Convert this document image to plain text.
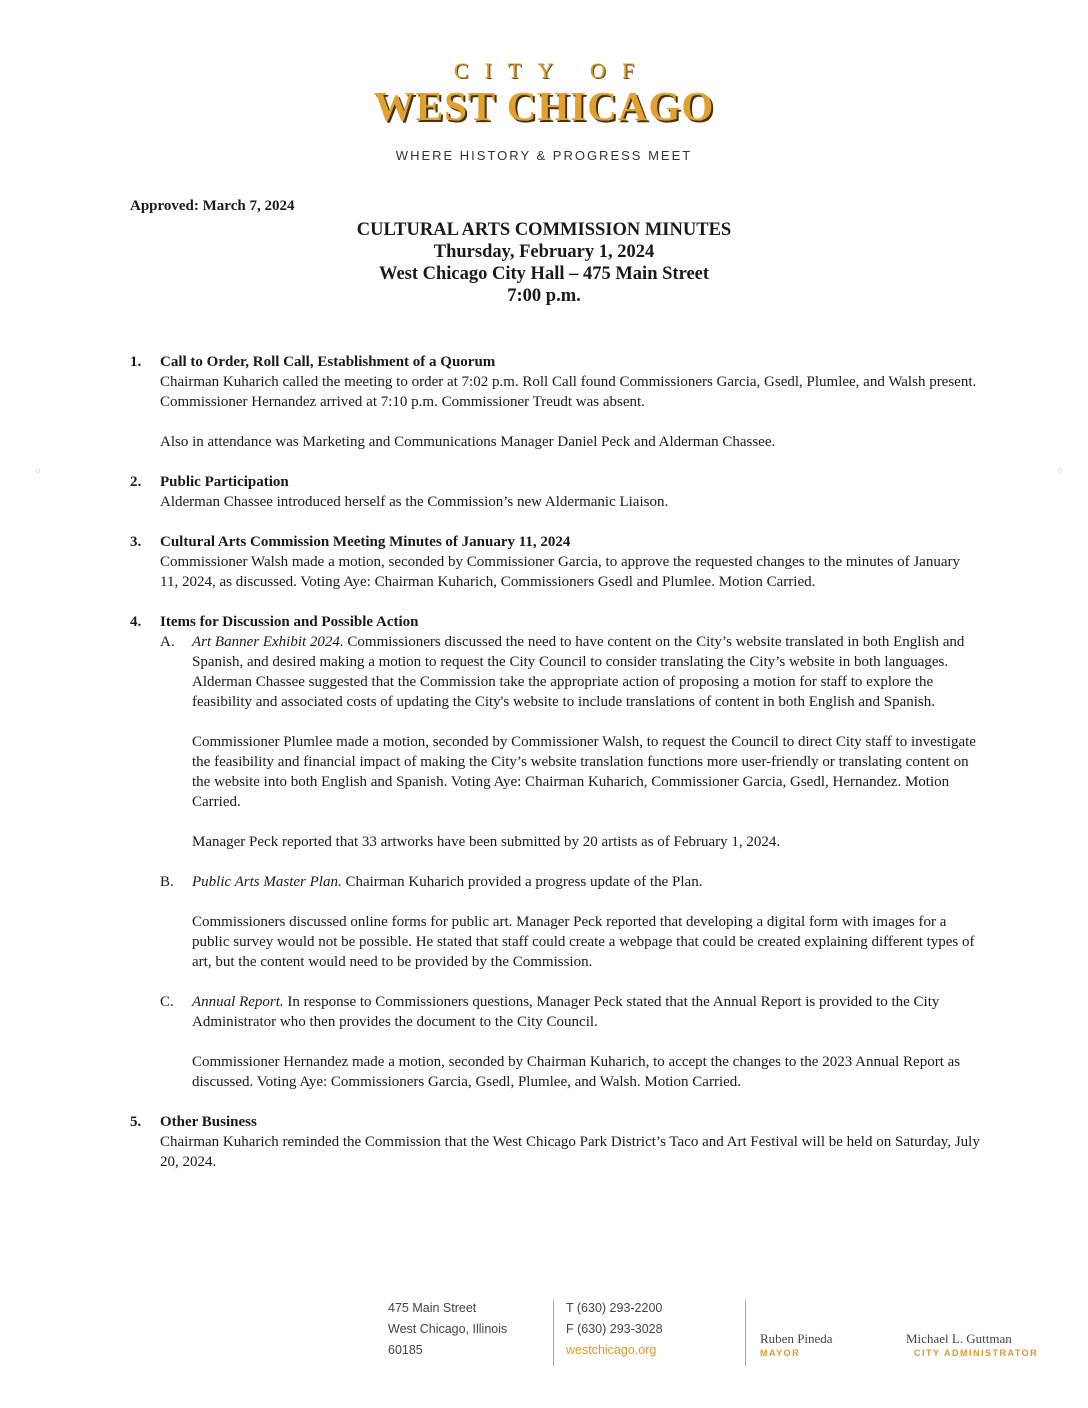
CITY OF
WEST CHICAGO
WHERE HISTORY & PROGRESS MEET
⁘	⁘
Approved: March 7, 2024
CULTURAL ARTS COMMISSION MINUTES
Thursday, February 1, 2024
West Chicago City Hall – 475 Main Street
7:00 p.m.
1.	Call to Order, Roll Call, Establishment of a Quorum

Chairman Kuharich called the meeting to order at 7:02 p.m. Roll Call found Commissioners Garcia, Gsedl, Plumlee, and Walsh present. Commissioner Hernandez arrived at 7:10 p.m. Commissioner Treudt was absent.

Also in attendance was Marketing and Communications Manager Daniel Peck and Alderman Chassee.

2.	Public Participation

Alderman Chassee introduced herself as the Commission’s new Aldermanic Liaison.

3.	Cultural Arts Commission Meeting Minutes of January 11, 2024

Commissioner Walsh made a motion, seconded by Commissioner Garcia, to approve the requested changes to the minutes of January 11, 2024, as discussed. Voting Aye: Chairman Kuharich, Commissioners Gsedl and Plumlee. Motion Carried.

4.	Items for Discussion and Possible Action
A.	Art Banner Exhibit 2024. Commissioners discussed the need to have content on the City’s website translated in both English and Spanish, and desired making a motion to request the City Council to consider translating the City’s website in both languages. Alderman Chassee suggested that the Commission take the appropriate action of proposing a motion for staff to explore the feasibility and associated costs of updating the City's website to include translations of content in both English and Spanish.

Commissioner Plumlee made a motion, seconded by Commissioner Walsh, to request the Council to direct City staff to investigate the feasibility and financial impact of making the City’s website translation functions more user-friendly or translating content on the website into both English and Spanish. Voting Aye: Chairman Kuharich, Commissioner Garcia, Gsedl, Hernandez. Motion Carried.

Manager Peck reported that 33 artworks have been submitted by 20 artists as of February 1, 2024.

B.	Public Arts Master Plan. Chairman Kuharich provided a progress update of the Plan.

Commissioners discussed online forms for public art. Manager Peck reported that developing a digital form with images for a public survey would not be possible. He stated that staff could create a webpage that could be created explaining different types of art, but the content would need to be provided by the Commission.

C.	Annual Report. In response to Commissioners questions, Manager Peck stated that the Annual Report is provided to the City Administrator who then provides the document to the City Council.

Commissioner Hernandez made a motion, seconded by Chairman Kuharich, to accept the changes to the 2023 Annual Report as discussed. Voting Aye: Commissioners Garcia, Gsedl, Plumlee, and Walsh. Motion Carried.

5.	Other Business

Chairman Kuharich reminded the Commission that the West Chicago Park District’s Taco and Art Festival will be held on Saturday, July 20, 2024.

475 Main Street
West Chicago, Illinois
60185
T (630) 293-2200
F (630) 293-3028
westchicago.org
Ruben Pineda
MAYOR
Michael L. Guttman
CITY ADMINISTRATOR
